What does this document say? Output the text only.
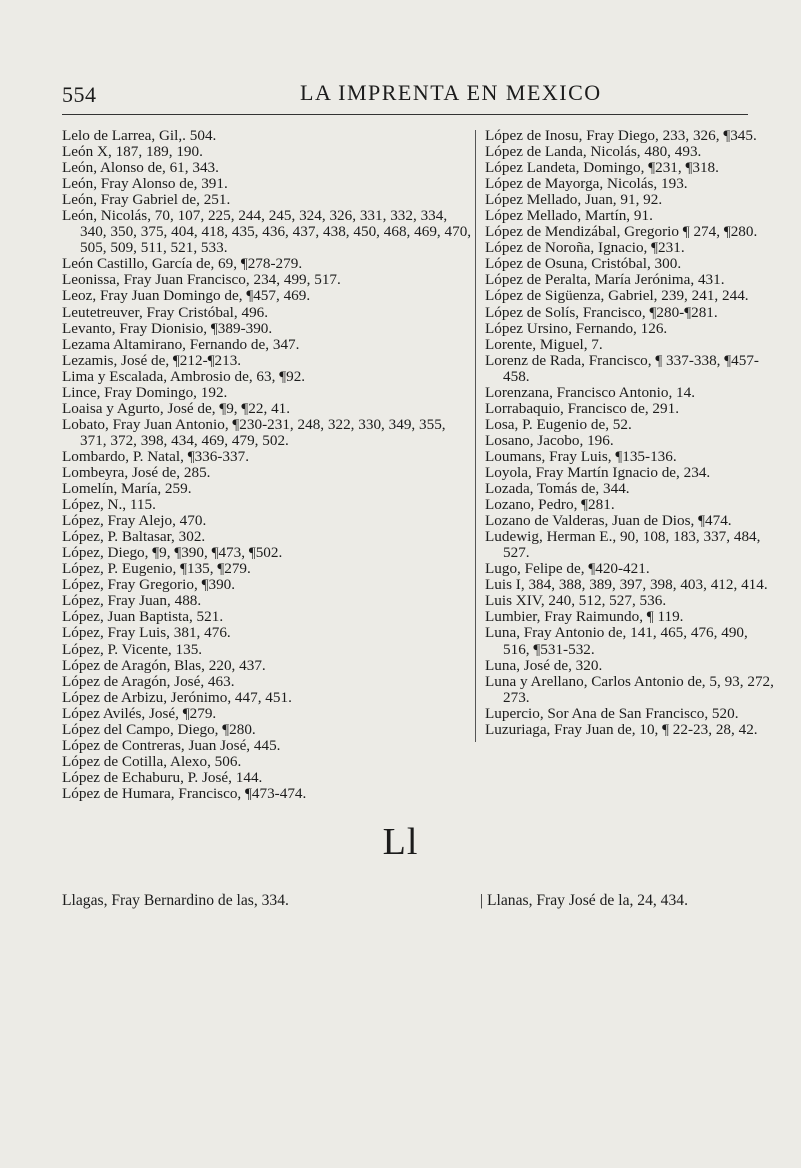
554	LA IMPRENTA EN MEXICO

Lelo de Larrea, Gil,. 504.

León X, 187, 189, 190.

León, Alonso de, 61, 343.

León, Fray Alonso de, 391.

León, Fray Gabriel de, 251.

León, Nicolás, 70, 107, 225, 244, 245, 324, 326, 331, 332, 334, 340, 350, 375, 404, 418, 435, 436, 437, 438, 450, 468, 469, 470, 505, 509, 511, 521, 533.

León Castillo, García de, 69, ¶278-279.

Leonissa, Fray Juan Francisco, 234, 499, 517.

Leoz, Fray Juan Domingo de, ¶457, 469.

Leutetreuver, Fray Cristóbal, 496.

Levanto, Fray Dionisio, ¶389-390.

Lezama Altamirano, Fernando de, 347.

Lezamis, José de, ¶212-¶213.

Lima y Escalada, Ambrosio de, 63, ¶92.

Lince, Fray Domingo, 192.

Loaisa y Agurto, José de, ¶9, ¶22, 41.

Lobato, Fray Juan Antonio, ¶230-231, 248, 322, 330, 349, 355, 371, 372, 398, 434, 469, 479, 502.

Lombardo, P. Natal, ¶336-337.

Lombeyra, José de, 285.

Lomelín, María, 259.

López, N., 115.

López, Fray Alejo, 470.

López, P. Baltasar, 302.

López, Diego, ¶9, ¶390, ¶473, ¶502.

López, P. Eugenio, ¶135, ¶279.

López, Fray Gregorio, ¶390.

López, Fray Juan, 488.

López, Juan Baptista, 521.

López, Fray Luis, 381, 476.

López, P. Vicente, 135.

López de Aragón, Blas, 220, 437.

López de Aragón, José, 463.

López de Arbizu, Jerónimo, 447, 451.

López Avilés, José, ¶279.

López del Campo, Diego, ¶280.

López de Contreras, Juan José, 445.

López de Cotilla, Alexo, 506.

López de Echaburu, P. José, 144.

López de Humara, Francisco, ¶473-474.

López de Inosu, Fray Diego, 233, 326, ¶345.

López de Landa, Nicolás, 480, 493.

López Landeta, Domingo, ¶231, ¶318.

López de Mayorga, Nicolás, 193.

López Mellado, Juan, 91, 92.

López Mellado, Martín, 91.

López de Mendizábal, Gregorio ¶ 274, ¶280.

López de Noroña, Ignacio, ¶231.

López de Osuna, Cristóbal, 300.

López de Peralta, María Jerónima, 431.

López de Sigüenza, Gabriel, 239, 241, 244.

López de Solís, Francisco, ¶280-¶281.

López Ursino, Fernando, 126.

Lorente, Miguel, 7.

Lorenz de Rada, Francisco, ¶ 337-338, ¶457-458.

Lorenzana, Francisco Antonio, 14.

Lorrabaquio, Francisco de, 291.

Losa, P. Eugenio de, 52.

Losano, Jacobo, 196.

Loumans, Fray Luis, ¶135-136.

Loyola, Fray Martín Ignacio de, 234.

Lozada, Tomás de, 344.

Lozano, Pedro, ¶281.

Lozano de Valderas, Juan de Dios, ¶474.

Ludewig, Herman E., 90, 108, 183, 337, 484, 527.

Lugo, Felipe de, ¶420-421.

Luis I, 384, 388, 389, 397, 398, 403, 412, 414.

Luis XIV, 240, 512, 527, 536.

Lumbier, Fray Raimundo, ¶ 119.

Luna, Fray Antonio de, 141, 465, 476, 490, 516, ¶531-532.

Luna, José de, 320.

Luna y Arellano, Carlos Antonio de, 5, 93, 272, 273.

Lupercio, Sor Ana de San Francisco, 520.

Luzuriaga, Fray Juan de, 10, ¶ 22-23, 28, 42.

Ll
Llagas, Fray Bernardino de las, 334.	| Llanas, Fray José de la, 24, 434.
